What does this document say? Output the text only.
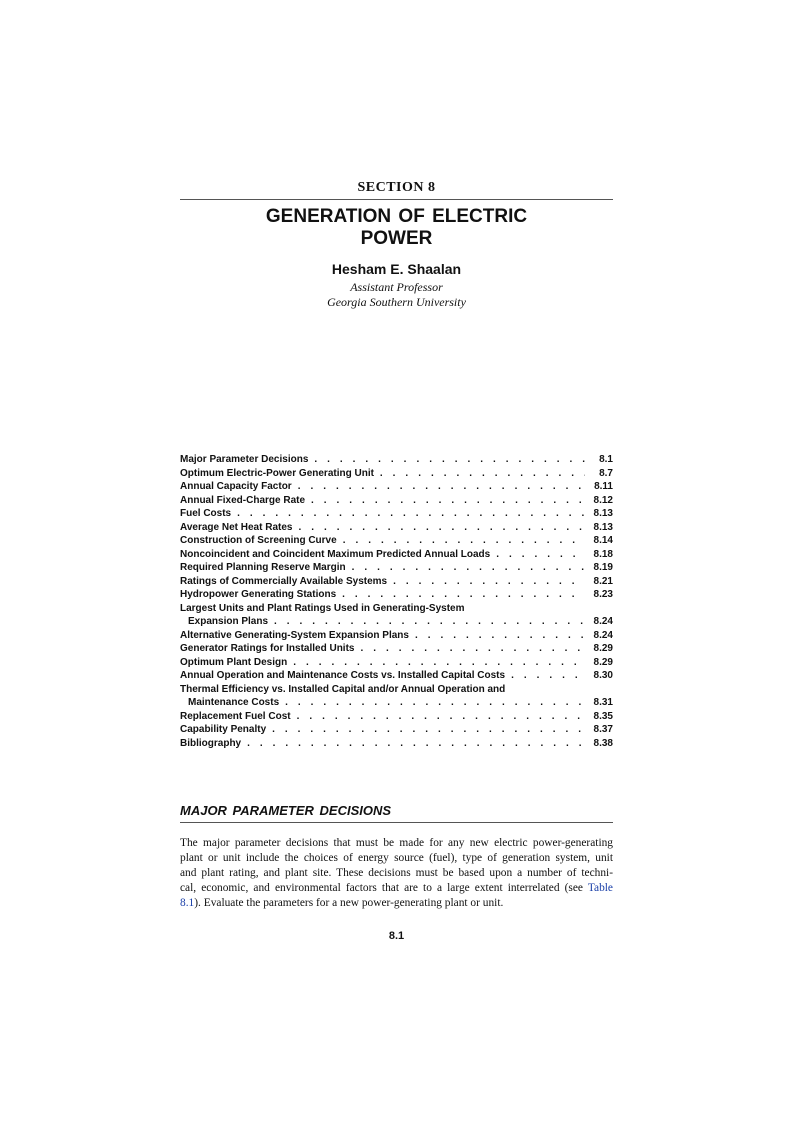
SECTION 8
GENERATION OF ELECTRIC
POWER
Hesham E. Shaalan
Assistant Professor
Georgia Southern University
Major Parameter Decisions . . .	8.1
Optimum Electric-Power Generating Unit . . .	8.7
Annual Capacity Factor . . .	8.11
Annual Fixed-Charge Rate . . .	8.12
Fuel Costs . . .	8.13
Average Net Heat Rates . . .	8.13
Construction of Screening Curve . . .	8.14
Noncoincident and Coincident Maximum Predicted Annual Loads . . .	8.18
Required Planning Reserve Margin . . .	8.19
Ratings of Commercially Available Systems . . .	8.21
Hydropower Generating Stations . . .	8.23
Largest Units and Plant Ratings Used in Generating-System
Expansion Plans . . .	8.24
Alternative Generating-System Expansion Plans . . .	8.24
Generator Ratings for Installed Units . . .	8.29
Optimum Plant Design . . .	8.29
Annual Operation and Maintenance Costs vs. Installed Capital Costs . . .	8.30
Thermal Efficiency vs. Installed Capital and/or Annual Operation and
Maintenance Costs . . .	8.31
Replacement Fuel Cost . . .	8.35
Capability Penalty . . .	8.37
Bibliography . . .	8.38
MAJOR PARAMETER DECISIONS
The major parameter decisions that must be made for any new electric power-generating
plant or unit include the choices of energy source (fuel), type of generation system, unit
and plant rating, and plant site. These decisions must be based upon a number of techni-
cal, economic, and environmental factors that are to a large extent interrelated (see Table
8.1). Evaluate the parameters for a new power-generating plant or unit.
8.1
